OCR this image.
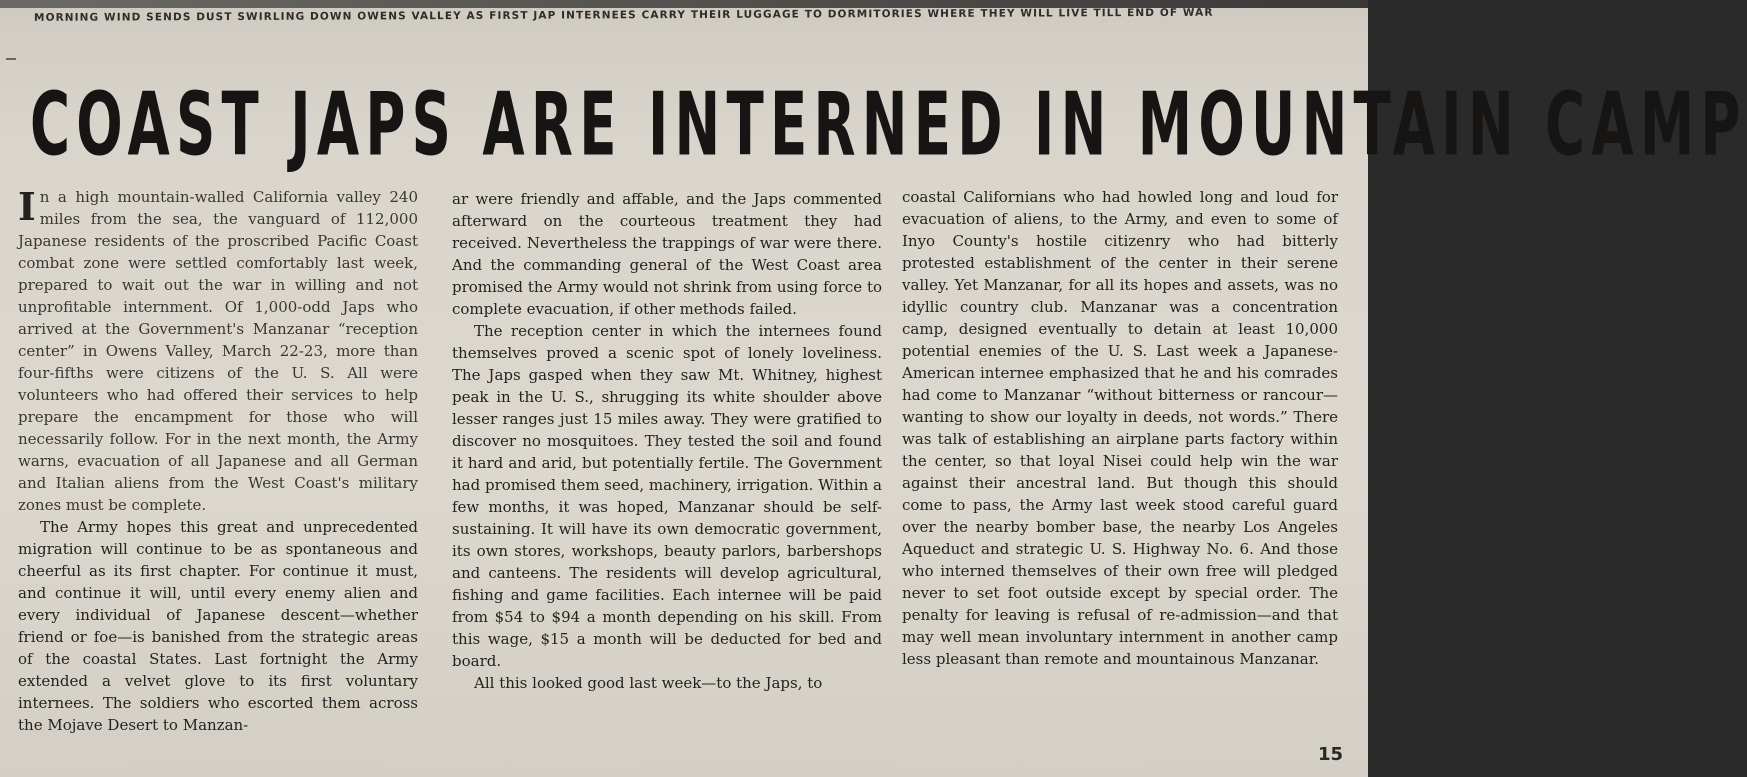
MORNING WIND SENDS DUST SWIRLING DOWN OWENS VALLEY AS FIRST JAP INTERNEES CARRY THEIR LUGGAGE TO DORMITORIES WHERE THEY WILL LIVE TILL END OF WAR
COAST JAPS ARE INTERNED IN MOUNTAIN CAMP

In a high mountain-walled California valley 240 miles from the sea, the vanguard of 112,000 Japanese residents of the proscribed Pacific Coast combat zone were settled comfortably last week, prepared to wait out the war in willing and not unprofitable internment. Of 1,000-odd Japs who arrived at the Government's Manzanar “reception center” in Owens Valley, March 22-23, more than four-fifths were citizens of the U. S. All were volunteers who had offered their services to help prepare the encampment for those who will necessarily follow. For in the next month, the Army warns, evacuation of all Japanese and all German and Italian aliens from the West Coast's military zones must be complete.

The Army hopes this great and unprecedented migration will continue to be as spontaneous and cheerful as its first chapter. For continue it must, and continue it will, until every enemy alien and every individual of Japanese descent—whether friend or foe—is banished from the strategic areas of the coastal States. Last fortnight the Army extended a velvet glove to its first voluntary internees. The soldiers who escorted them across the Mojave Desert to Manzan-

ar were friendly and affable, and the Japs commented afterward on the courteous treatment they had received. Nevertheless the trappings of war were there. And the commanding general of the West Coast area promised the Army would not shrink from using force to complete evacuation, if other methods failed.

The reception center in which the internees found themselves proved a scenic spot of lonely loveliness. The Japs gasped when they saw Mt. Whitney, highest peak in the U. S., shrugging its white shoulder above lesser ranges just 15 miles away. They were gratified to discover no mosquitoes. They tested the soil and found it hard and arid, but potentially fertile. The Government had promised them seed, machinery, irrigation. Within a few months, it was hoped, Manzanar should be self-sustaining. It will have its own democratic government, its own stores, workshops, beauty parlors, barbershops and canteens. The residents will develop agricultural, fishing and game facilities. Each internee will be paid from $54 to $94 a month depending on his skill. From this wage, $15 a month will be deducted for bed and board.

All this looked good last week—to the Japs, to

coastal Californians who had howled long and loud for evacuation of aliens, to the Army, and even to some of Inyo County's hostile citizenry who had bitterly protested establishment of the center in their serene valley. Yet Manzanar, for all its hopes and assets, was no idyllic country club. Manzanar was a concentration camp, designed eventually to detain at least 10,000 potential enemies of the U. S. Last week a Japanese-American internee emphasized that he and his comrades had come to Manzanar “without bitterness or rancour—wanting to show our loyalty in deeds, not words.” There was talk of establishing an airplane parts factory within the center, so that loyal Nisei could help win the war against their ancestral land. But though this should come to pass, the Army last week stood careful guard over the nearby bomber base, the nearby Los Angeles Aqueduct and strategic U. S. Highway No. 6. And those who interned themselves of their own free will pledged never to set foot outside except by special order. The penalty for leaving is refusal of re-admission—and that may well mean involuntary internment in another camp less pleasant than remote and mountainous Manzanar.

15
